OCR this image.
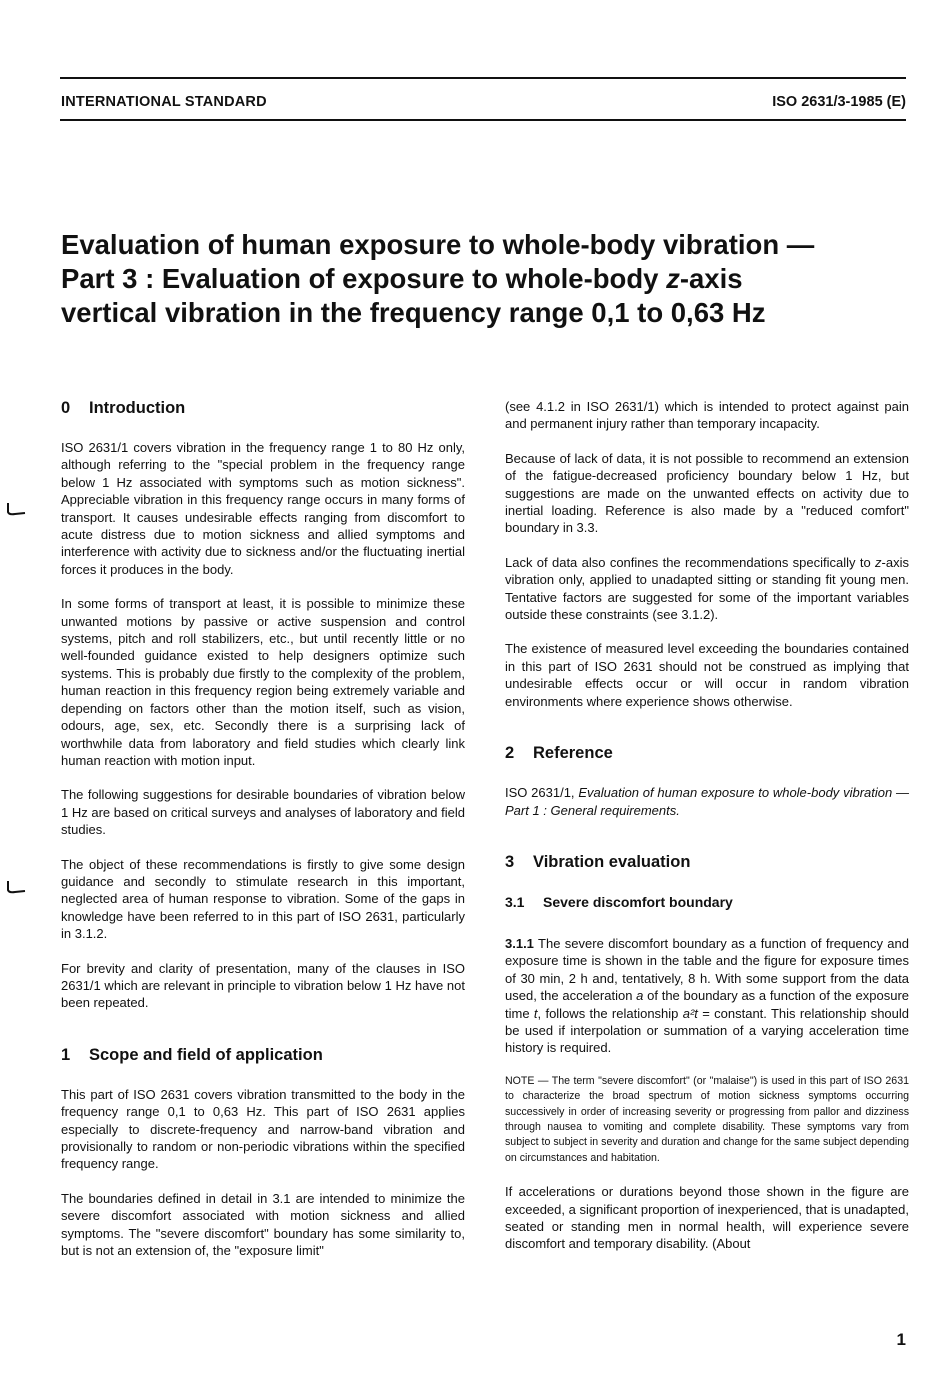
INTERNATIONAL STANDARD	ISO 2631/3-1985 (E)
Evaluation of human exposure to whole-body vibration —
Part 3 : Evaluation of exposure to whole-body z-axis
vertical vibration in the frequency range 0,1 to 0,63 Hz
0 Introduction

ISO 2631/1 covers vibration in the frequency range 1 to 80 Hz only, although referring to the "special problem in the frequency range below 1 Hz associated with symptoms such as motion sickness". Appreciable vibration in this frequency range occurs in many forms of transport. It causes undesirable effects ranging from discomfort to acute distress due to motion sickness and allied symptoms and interference with activity due to sickness and/or the fluctuating inertial forces it produces in the body.

In some forms of transport at least, it is possible to minimize these unwanted motions by passive or active suspension and control systems, pitch and roll stabilizers, etc., but until recently little or no well-founded guidance existed to help designers optimize such systems. This is probably due firstly to the complexity of the problem, human reaction in this frequency region being extremely variable and depending on factors other than the motion itself, such as vision, odours, age, sex, etc. Secondly there is a surprising lack of worthwhile data from laboratory and field studies which clearly link human reaction with motion input.

The following suggestions for desirable boundaries of vibration below 1 Hz are based on critical surveys and analyses of laboratory and field studies.

The object of these recommendations is firstly to give some design guidance and secondly to stimulate research in this important, neglected area of human response to vibration. Some of the gaps in knowledge have been referred to in this part of ISO 2631, particularly in 3.1.2.

For brevity and clarity of presentation, many of the clauses in ISO 2631/1 which are relevant in principle to vibration below 1 Hz have not been repeated.

1 Scope and field of application

This part of ISO 2631 covers vibration transmitted to the body in the frequency range 0,1 to 0,63 Hz. This part of ISO 2631 applies especially to discrete-frequency and narrow-band vibration and provisionally to random or non-periodic vibrations within the specified frequency range.

The boundaries defined in detail in 3.1 are intended to minimize the severe discomfort associated with motion sickness and allied symptoms. The "severe discomfort" boundary has some similarity to, but is not an extension of, the "exposure limit"

(see 4.1.2 in ISO 2631/1) which is intended to protect against pain and permanent injury rather than temporary incapacity.

Because of lack of data, it is not possible to recommend an extension of the fatigue-decreased proficiency boundary below 1 Hz, but suggestions are made on the unwanted effects on activity due to inertial loading. Reference is also made by a "reduced comfort" boundary in 3.3.

Lack of data also confines the recommendations specifically to z-axis vibration only, applied to unadapted sitting or standing fit young men. Tentative factors are suggested for some of the important variables outside these constraints (see 3.1.2).

The existence of measured level exceeding the boundaries contained in this part of ISO 2631 should not be construed as implying that undesirable effects occur or will occur in random vibration environments where experience shows otherwise.

2 Reference

ISO 2631/1, Evaluation of human exposure to whole-body vibration — Part 1 : General requirements.

3 Vibration evaluation
3.1 Severe discomfort boundary

3.1.1 The severe discomfort boundary as a function of frequency and exposure time is shown in the table and the figure for exposure times of 30 min, 2 h and, tentatively, 8 h. With some support from the data used, the acceleration a of the boundary as a function of the exposure time t, follows the relationship a²t = constant. This relationship should be used if interpolation or summation of a varying acceleration time history is required.

NOTE — The term "severe discomfort" (or "malaise") is used in this part of ISO 2631 to characterize the broad spectrum of motion sickness symptoms occurring successively in order of increasing severity or progressing from pallor and dizziness through nausea to vomiting and complete disability. These symptoms vary from subject to subject in severity and duration and change for the same subject depending on circumstances and habitation.

If accelerations or durations beyond those shown in the figure are exceeded, a significant proportion of inexperienced, that is unadapted, seated or standing men in normal health, will experience severe discomfort and temporary disability. (About

1
